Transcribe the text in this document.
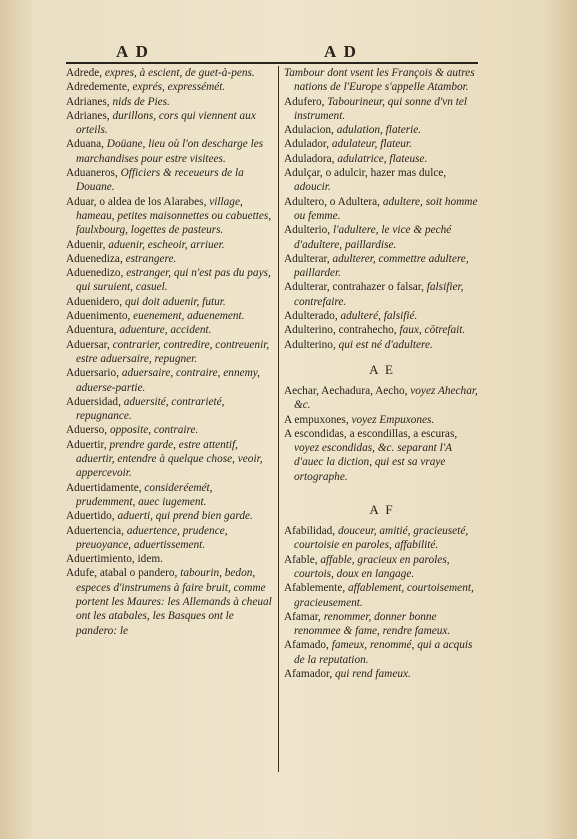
A D	A D
Adrede, expres, à escient, de guet-à-pens.
Adredemente, exprés, expressémét.
Adrianes, nids de Pies.
Adrianes, durillons, cors qui viennent aux orteils.
Aduana, Doüane, lieu où l'on descharge les marchandises pour estre visitees.
Aduaneros, Officiers & receueurs de la Douane.
Aduar, o aldea de los Alarabes, village, hameau, petites maisonnettes ou cabuettes, faulxbourg, logettes de pasteurs.
Aduenir, aduenir, escheoir, arriuer.
Aduenediza, estrangere.
Aduenedizo, estranger, qui n'est pas du pays, qui suruient, casuel.
Aduenidero, qui doit aduenir, futur.
Aduenimento, euenement, aduenement.
Aduentura, aduenture, accident.
Aduersar, contrarier, contredire, contreuenir, estre aduersaire, repugner.
Aduersario, aduersaire, contraire, ennemy, aduerse-partie.
Aduersidad, aduersité, contrarieté, repugnance.
Aduerso, opposite, contraire.
Aduertir, prendre garde, estre attentif, aduertir, entendre à quelque chose, veoir, appercevoir.
Aduertidamente, consideréemét, prudemment, auec iugement.
Aduertido, aduerti, qui prend bien garde.
Aduertencia, aduertence, prudence, preuoyance, aduertissement.
Aduertimiento, idem.
Adufe, atabal o pandero, tabourin, bedon, especes d'instrumens à faire bruit, comme portent les Maures: les Allemands à cheual ont les atabales, les Basques ont le pandero: le
Tambour dont vsent les François & autres nations de l'Europe s'appelle Atambor.
Adufero, Tabourineur, qui sonne d'vn tel instrument.
Adulacion, adulation, flaterie.
Adulador, adulateur, flateur.
Aduladora, adulatrice, flateuse.
Adulçar, o adulcir, hazer mas dulce, adoucir.
Adultero, o Adultera, adultere, soit homme ou femme.
Adulterio, l'adultere, le vice & peché d'adultere, paillardise.
Adulterar, adulterer, commettre adultere, paillarder.
Adulterar, contrahazer o falsar, falsifier, contrefaire.
Adulterado, adulteré, falsifié.
Adulterino, contrahecho, faux, cōtrefait.
Adulterino, qui est né d'adultere.
A E
Aechar, Aechadura, Aecho, voyez Ahechar, &c.
A empuxones, voyez Empuxones.
A escondidas, a escondillas, a escuras, voyez escondidas, &c. separant l'A d'auec la diction, qui est sa vraye ortographe.
A F
Afabilidad, douceur, amitié, gracieuseté, courtoisie en paroles, affabilité.
Afable, affable, gracieux en paroles, courtois, doux en langage.
Afablemente, affablement, courtoisement, gracieusement.
Afamar, renommer, donner bonne renommee & fame, rendre fameux.
Afamado, fameux, renommé, qui a acquis de la reputation.
Afamador, qui rend fameux.
